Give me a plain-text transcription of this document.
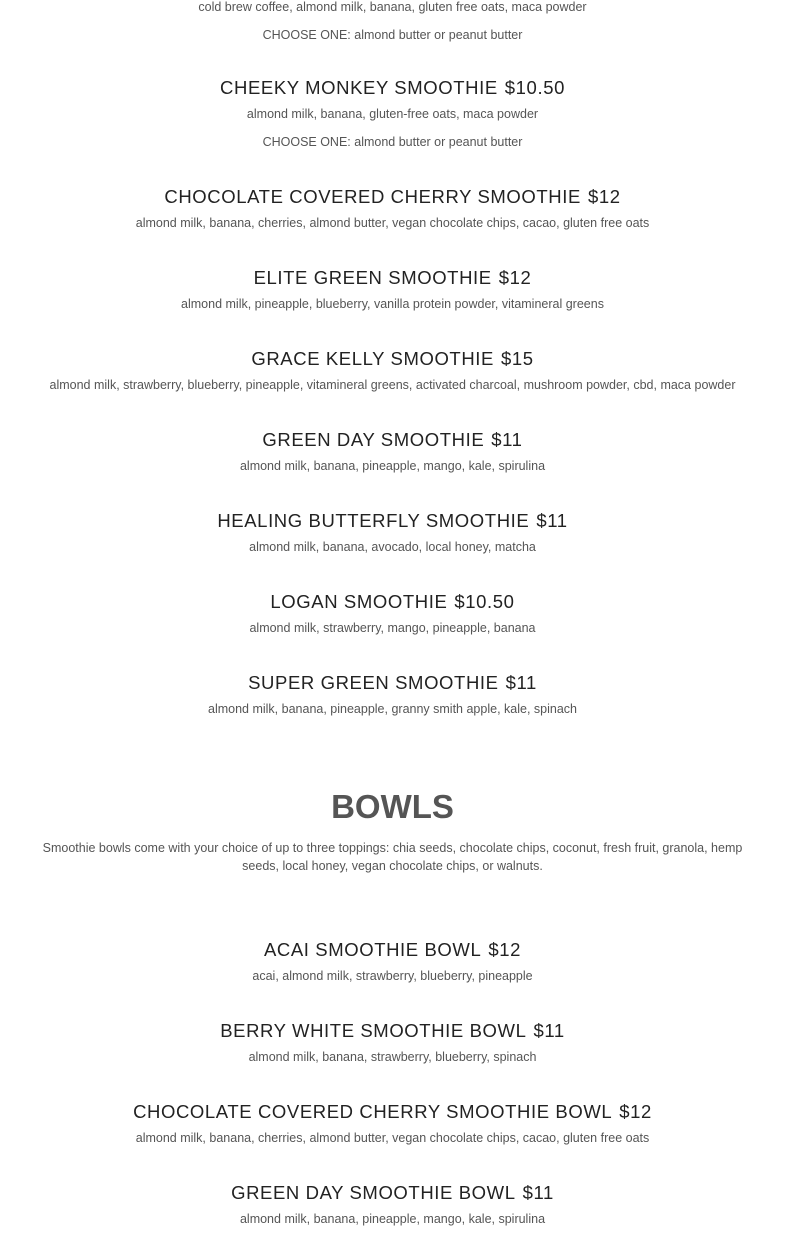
cold brew coffee, almond milk, banana, gluten free oats, maca powder

CHOOSE ONE: almond butter or peanut butter

CHEEKY MONKEY SMOOTHIE $10.50

almond milk, banana, gluten-free oats, maca powder

CHOOSE ONE: almond butter or peanut butter

CHOCOLATE COVERED CHERRY SMOOTHIE $12

almond milk, banana, cherries, almond butter, vegan chocolate chips, cacao, gluten free oats

ELITE GREEN SMOOTHIE $12

almond milk, pineapple, blueberry, vanilla protein powder, vitamineral greens

GRACE KELLY SMOOTHIE $15

almond milk, strawberry, blueberry, pineapple, vitamineral greens, activated charcoal, mushroom powder, cbd, maca powder

GREEN DAY SMOOTHIE $11

almond milk, banana, pineapple, mango, kale, spirulina

HEALING BUTTERFLY SMOOTHIE $11

almond milk, banana, avocado, local honey, matcha

LOGAN SMOOTHIE $10.50

almond milk, strawberry, mango, pineapple, banana

SUPER GREEN SMOOTHIE $11

almond milk, banana, pineapple, granny smith apple, kale, spinach

BOWLS

Smoothie bowls come with your choice of up to three toppings: chia seeds, chocolate chips, coconut, fresh fruit, granola, hemp seeds, local honey, vegan chocolate chips, or walnuts.

ACAI SMOOTHIE BOWL $12

acai, almond milk, strawberry, blueberry, pineapple

BERRY WHITE SMOOTHIE BOWL $11

almond milk, banana, strawberry, blueberry, spinach

CHOCOLATE COVERED CHERRY SMOOTHIE BOWL $12

almond milk, banana, cherries, almond butter, vegan chocolate chips, cacao, gluten free oats

GREEN DAY SMOOTHIE BOWL $11

almond milk, banana, pineapple, mango, kale, spirulina
